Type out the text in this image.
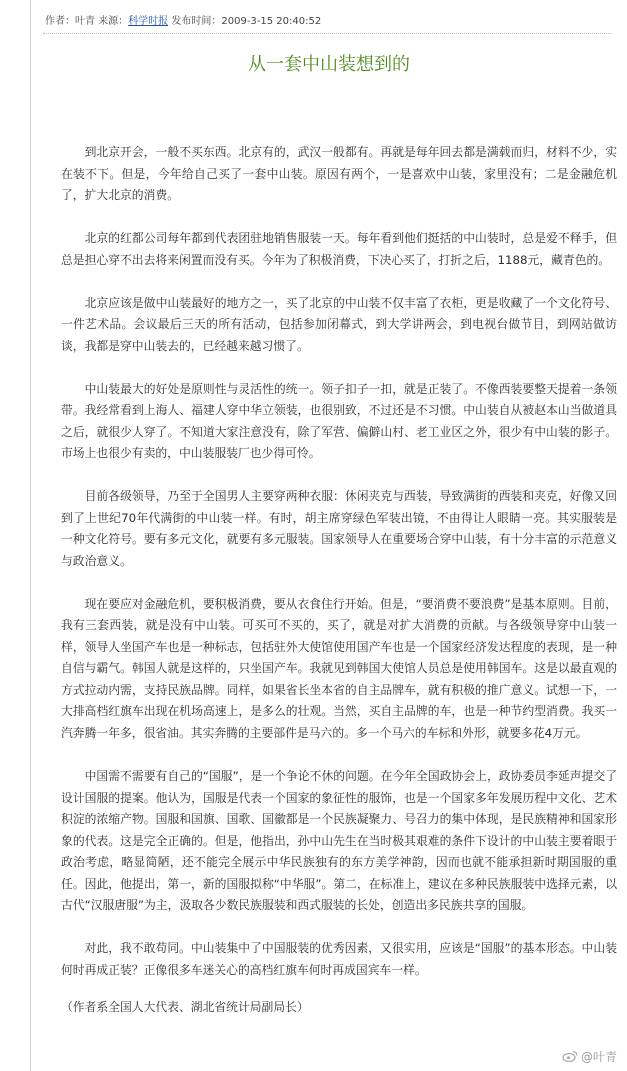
作者：叶青 来源：科学时报 发布时间：2009-3-15 20:40:52
从一套中山装想到的

到北京开会，一般不买东西。北京有的，武汉一般都有。再就是每年回去都是满载而归，材料不少，实在装不下。但是，今年给自己买了一套中山装。原因有两个，一是喜欢中山装，家里没有；二是金融危机了，扩大北京的消费。

北京的红都公司每年都到代表团驻地销售服装一天。每年看到他们挺括的中山装时，总是爱不释手，但总是担心穿不出去将来闲置而没有买。今年为了积极消费，下决心买了，打折之后，1188元，藏青色的。

北京应该是做中山装最好的地方之一，买了北京的中山装不仅丰富了衣柜，更是收藏了一个文化符号、一件艺术品。会议最后三天的所有活动，包括参加闭幕式，到大学讲两会，到电视台做节目，到网站做访谈，我都是穿中山装去的，已经越来越习惯了。

中山装最大的好处是原则性与灵活性的统一。领子扣子一扣，就是正装了。不像西装要整天提着一条领带。我经常看到上海人、福建人穿中华立领装，也很别致，不过还是不习惯。中山装自从被赵本山当做道具之后，就很少人穿了。不知道大家注意没有，除了军营、偏僻山村、老工业区之外，很少有中山装的影子。市场上也很少有卖的，中山装服装厂也少得可怜。

目前各级领导，乃至于全国男人主要穿两种衣服：休闲夹克与西装，导致满街的西装和夹克，好像又回到了上世纪70年代满街的中山装一样。有时，胡主席穿绿色军装出镜，不由得让人眼睛一亮。其实服装是一种文化符号。要有多元文化，就要有多元服装。国家领导人在重要场合穿中山装，有十分丰富的示范意义与政治意义。

现在要应对金融危机，要积极消费，要从衣食住行开始。但是，“要消费不要浪费”是基本原则。目前，我有三套西装，就是没有中山装。可买可不买的，买了，就是对扩大消费的贡献。与各级领导穿中山装一样，领导人坐国产车也是一种标志，包括驻外大使馆使用国产车也是一个国家经济发达程度的表现，是一种自信与霸气。韩国人就是这样的，只坐国产车。我就见到韩国大使馆人员总是使用韩国车。这是以最直观的方式拉动内需，支持民族品牌。同样，如果省长坐本省的自主品牌车，就有积极的推广意义。试想一下，一大排高档红旗车出现在机场高速上，是多么的壮观。当然，买自主品牌的车，也是一种节约型消费。我买一汽奔腾一年多，很省油。其实奔腾的主要部件是马六的。多一个马六的车标和外形，就要多花4万元。

中国需不需要有自己的“国服”，是一个争论不休的问题。在今年全国政协会上，政协委员李延声提交了设计国服的提案。他认为，国服是代表一个国家的象征性的服饰，也是一个国家多年发展历程中文化、艺术积淀的浓缩产物。国服和国旗、国歌、国徽都是一个民族凝聚力、号召力的集中体现，是民族精神和国家形象的代表。这是完全正确的。但是，他指出，孙中山先生在当时极其艰难的条件下设计的中山装主要着眼于政治考虑，略显简陋，还不能完全展示中华民族独有的东方美学神韵，因而也就不能承担新时期国服的重任。因此，他提出，第一，新的国服拟称“中华服”。第二，在标准上，建议在多种民族服装中选择元素，以古代“汉服唐服”为主，汲取各少数民族服装和西式服装的长处，创造出多民族共享的国服。

对此，我不敢苟同。中山装集中了中国服装的优秀因素，又很实用，应该是“国服”的基本形态。中山装何时再成正装？正像很多车迷关心的高档红旗车何时再成国宾车一样。

（作者系全国人大代表、湖北省统计局副局长）

@叶青
